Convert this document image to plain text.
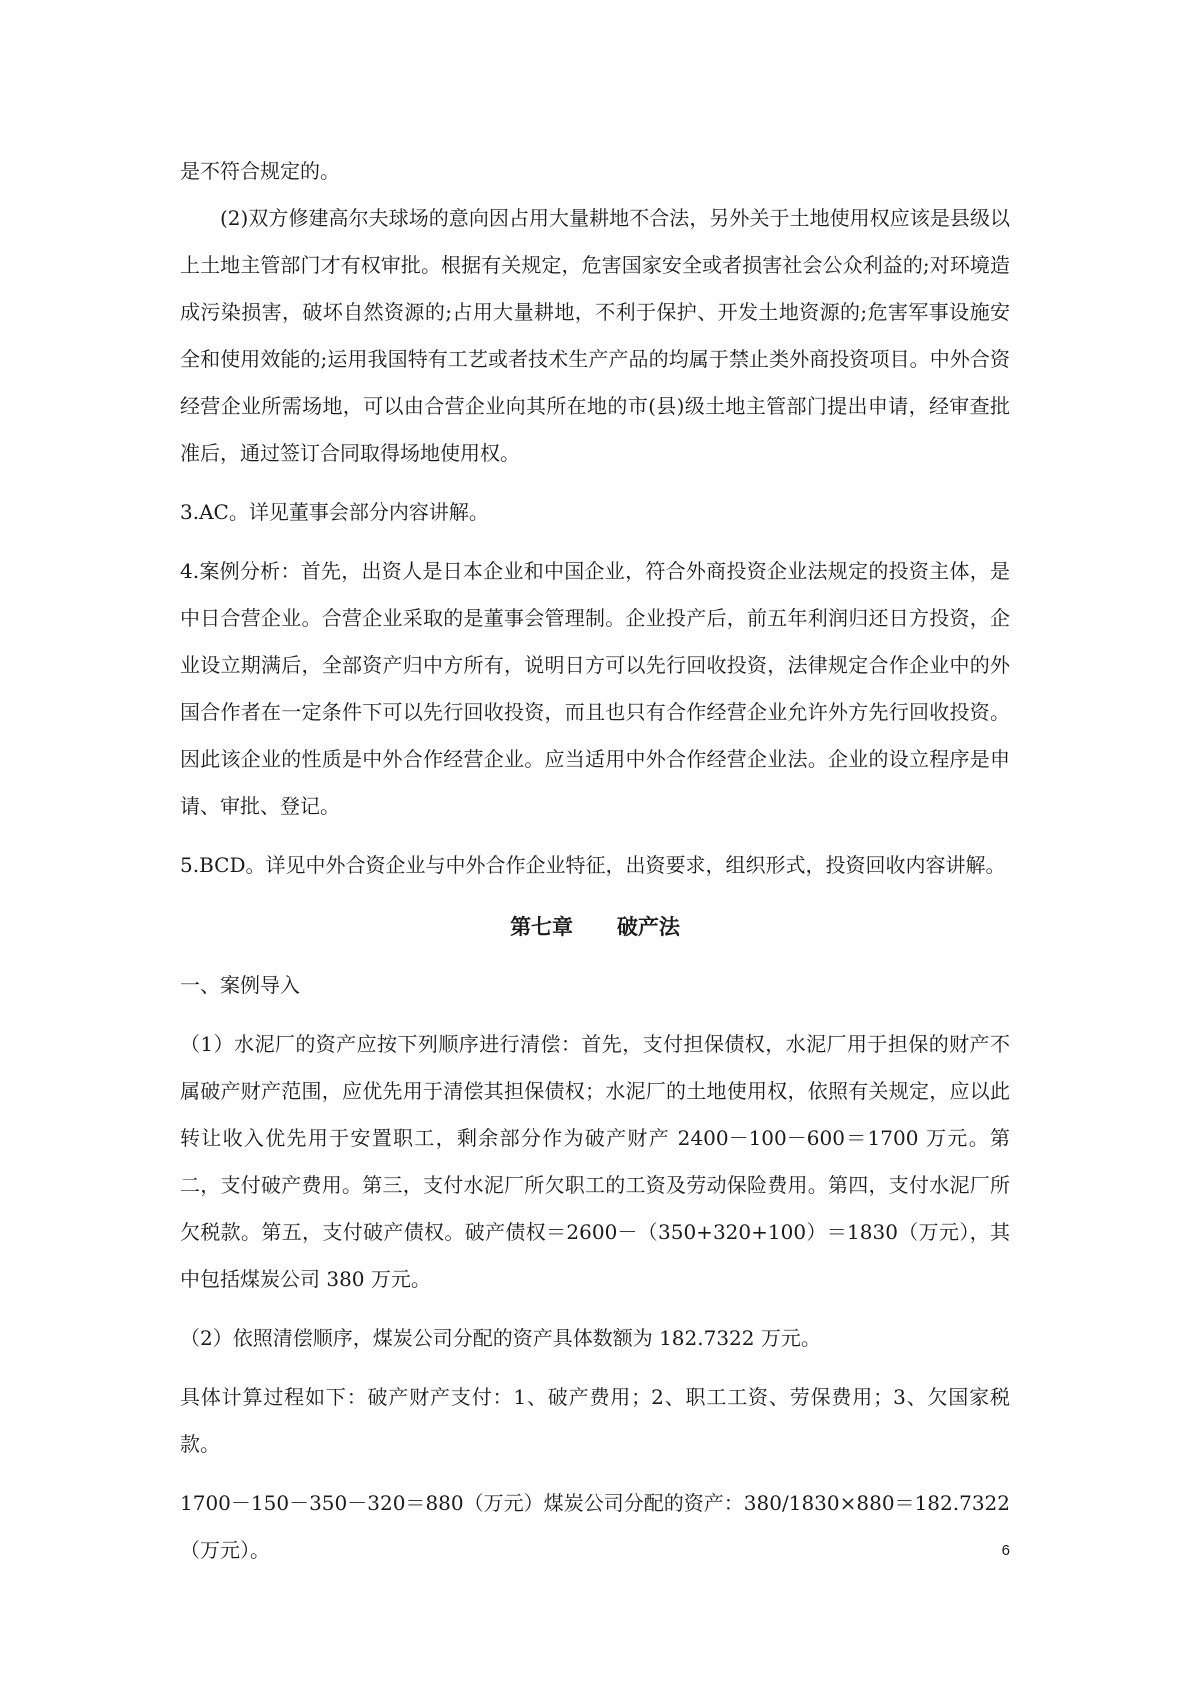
是不符合规定的。

(2)双方修建高尔夫球场的意向因占用大量耕地不合法，另外关于土地使用权应该是县级以上土地主管部门才有权审批。根据有关规定，危害国家安全或者损害社会公众利益的;对环境造成污染损害，破坏自然资源的;占用大量耕地，不利于保护、开发土地资源的;危害军事设施安全和使用效能的;运用我国特有工艺或者技术生产产品的均属于禁止类外商投资项目。中外合资经营企业所需场地，可以由合营企业向其所在地的市(县)级土地主管部门提出申请，经审查批准后，通过签订合同取得场地使用权。

3.AC。详见董事会部分内容讲解。

4.案例分析：首先，出资人是日本企业和中国企业，符合外商投资企业法规定的投资主体，是中日合营企业。合营企业采取的是董事会管理制。企业投产后，前五年利润归还日方投资，企业设立期满后，全部资产归中方所有，说明日方可以先行回收投资，法律规定合作企业中的外国合作者在一定条件下可以先行回收投资，而且也只有合作经营企业允许外方先行回收投资。因此该企业的性质是中外合作经营企业。应当适用中外合作经营企业法。企业的设立程序是申请、审批、登记。

5.BCD。详见中外合资企业与中外合作企业特征，出资要求，组织形式，投资回收内容讲解。

第七章      破产法

一、案例导入

（1）水泥厂的资产应按下列顺序进行清偿：首先，支付担保债权，水泥厂用于担保的财产不属破产财产范围，应优先用于清偿其担保债权；水泥厂的土地使用权，依照有关规定，应以此转让收入优先用于安置职工，剩余部分作为破产财产 2400－100－600＝1700 万元。第二，支付破产费用。第三，支付水泥厂所欠职工的工资及劳动保险费用。第四，支付水泥厂所欠税款。第五，支付破产债权。破产债权＝2600－（350+320+100）＝1830（万元），其中包括煤炭公司 380 万元。

（2）依照清偿顺序，煤炭公司分配的资产具体数额为 182.7322 万元。

具体计算过程如下：破产财产支付：1、破产费用；2、职工工资、劳保费用；3、欠国家税款。

1700－150－350－320＝880（万元）煤炭公司分配的资产：380/1830×880＝182.7322（万元）。	6
